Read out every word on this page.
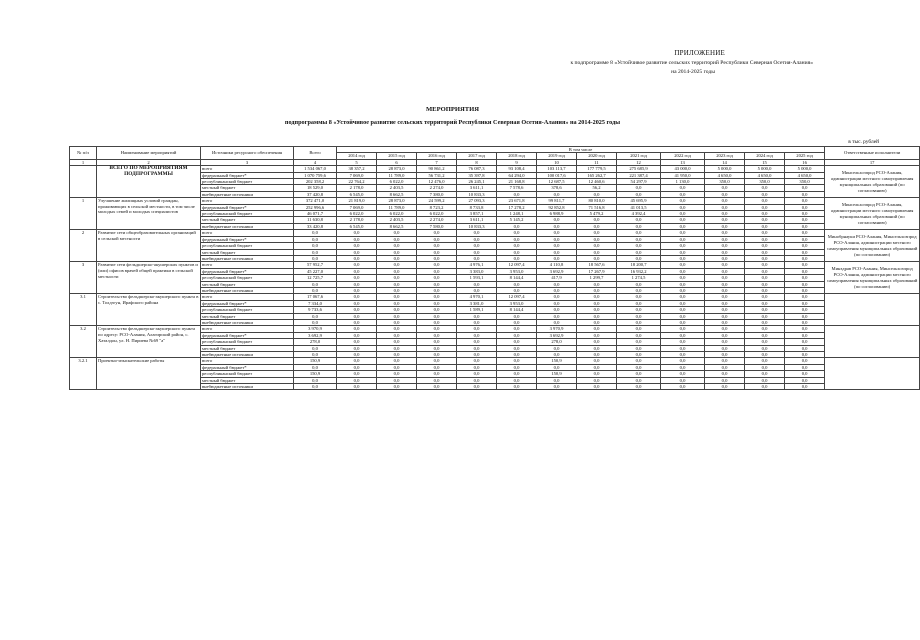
ПРИЛОЖЕНИЕ
к подпрограмме 8 «Устойчивое развитие сельских территорий Республики Северная Осетия-Алания»
на 2014-2025 годы
МЕРОПРИЯТИЯ
подпрограммы 8 «Устойчивое развитие сельских территорий Республики Северная Осетия-Алания» на 2014-2025 годы
в тыс. рублей
№ п/п	Наименование мероприятий	Источники ресурсного обеспечения	Всего	В том числе												Ответственные исполнители
				2014 год	2015 год	2016 год	2017 год	2018 год	2019 год	2020 год	2021 год	2022 год	2023 год	2024 год	2025 год	
1	2	3	4	5	6	7	8	9	10	11	12	13	14	15	16	17
	ВСЕГО ПО МЕРОПРИЯТИЯМ ПОДПРОГРАММЫ	всего	1 534 067,0	38 357,2	28 873,0	90 861,2	76 087,3	93 108,4	103 113,7	177 779,5	275 685,9	43 000,0	5 000,0	5 000,0	5 000,0	Минсельхозпрод РСО-Алания, администрации местного самоуправления муниципальных образований (по согласованию)
		федеральный бюджет*	1 070 759,6	7 069,0	11 789,0	56 731,2	35 397,8	64 294,0	100 017,6	165 262,7	221 387,4	41 950,0	4 650,0	4 650,0	4 650,0	
		республиканский бюджет	202 358,2	22 764,2	6 022,0	12 476,0	26 245,1	21 168,8	12 687,5	12 460,6	54 297,9	1 130,0	350,0	350,0	350,0	
		местный бюджет	18 529,0	2 178,0	2 403,5	2 274,0	3 611,1	7 578,6	378,6	56,2	0,0	0,0	0,0	0,0	0,0	
		внебюджетные источники	37 420,8	6 545,0	8 662,5	7 380,0	10 833,3	0,0	0,0	0,0	0,0	0,0	0,0	0,0	0,0	
1	Улучшение жилищных условий граждан, проживающих в сельской местности, в том числе молодых семей и молодых специалистов	всего	372 471,0	21 819,0	28 873,0	24 599,2	27 093,3	23 671,8	99 811,7	80 810,0	45 695,9	0,0	0,0	0,0	0,0	Минсельхозпрод РСО-Алания, администрации местного самоуправления муниципальных образований (по согласованию)
		федеральный бюджет*	252 996,6	7 069,0	11 789,0	8 723,2	8 733,8	17 278,2	92 852,8	71 516,8	41 013,5	0,0	0,0	0,0	0,0	
		республиканский бюджет	46 071,7	6 022,0	6 022,0	6 022,0	3 857,1	1 248,1	6 988,9	5 479,2	4 392,4	0,0	0,0	0,0	0,0	
		местный бюджет	11 630,8	2 178,0	2 403,5	2 274,0	3 611,1	5 145,2	0,0	0,0	0,0	0,0	0,0	0,0	0,0	
		внебюджетные источники	33 420,8	6 545,0	8 662,5	7 580,0	10 833,3	0,0	0,0	0,0	0,0	0,0	0,0	0,0	0,0	
2	Развитие сети общеобразовательных организаций в сельской местности	всего	0,0	0,0	0,0	0,0	0,0	0,0	0,0	0,0	0,0	0,0	0,0	0,0	0,0	Минобрнауки РСО-Алания, Минсельхозпрод РСО-Алания, администрации местного самоуправления муниципальных образований (по согласованию)
		федеральный бюджет*	0,0	0,0	0,0	0,0	0,0	0,0	0,0	0,0	0,0	0,0	0,0	0,0	0,0	
		республиканский бюджет	0,0	0,0	0,0	0,0	0,0	0,0	0,0	0,0	0,0	0,0	0,0	0,0	0,0	
		местный бюджет	0,0	0,0	0,0	0,0	0,0	0,0	0,0	0,0	0,0	0,0	0,0	0,0	0,0	
		внебюджетные источники	0,0	0,0	0,0	0,0	0,0	0,0	0,0	0,0	0,0	0,0	0,0	0,0	0,0	
3	Развитие сети фельдшерско-акушерских пунктов и (или) офисов врачей общей практики в сельской местности	всего	57 952,7	0,0	0,0	0,0	4 976,1	12 097,4	4 110,8	18 567,6	18 200,7	0,0	0,0	0,0	0,0	Минздрав РСО-Алания, Минсельхозпрод РСО-Алания, администрации местного самоуправления муниципальных образований (по согласованию)
		федеральный бюджет*	45 227,0	0,0	0,0	0,0	3 383,0	3 953,0	3 692,9	17 267,9	16 932,2	0,0	0,0	0,0	0,0	
		республиканский бюджет	12 725,7	0,0	0,0	0,0	1 593,1	8 144,4	417,9	1 299,7	1 274,5	0,0	0,0	0,0	0,0	
		местный бюджет	0,0	0,0	0,0	0,0	0,0	0,0	0,0	0,0	0,0	0,0	0,0	0,0	0,0	
		внебюджетные источники	0,0	0,0	0,0	0,0	0,0	0,0	0,0	0,0	0,0	0,0	0,0	0,0	0,0	
3.1	Строительство фельдшерско-акушерского пункта в с. Толдзгун, Ирафского района	всего	17 067,6	0,0	0,0	0,0	4 970,1	12 097,4	0,0	0,0	0,0	0,0	0,0	0,0	0,0	
		федеральный бюджет*	7 334,0	0,0	0,0	0,0	3 381,0	3 953,0	0,0	0,0	0,0	0,0	0,0	0,0	0,0	
		республиканский бюджет	9 733,6	0,0	0,0	0,0	1 589,1	8 144,4	0,0	0,0	0,0	0,0	0,0	0,0	0,0	
		местный бюджет	0,0	0,0	0,0	0,0	0,0	0,0	0,0	0,0	0,0	0,0	0,0	0,0	0,0	
		внебюджетные источники	0,0	0,0	0,0	0,0	0,0	0,0	0,0	0,0	0,0	0,0	0,0	0,0	0,0	
3.2	Строительство фельдшерско-акушерского пункта по адресу: РСО-Алания, Алагирский район, с. Хаталдон, ул. Н. Пириева №69 "а"	всего	3 970,9	0,0	0,0	0,0	0,0	0,0	3 970,9	0,0	0,0	0,0	0,0	0,0	0,0	
		федеральный бюджет*	3 692,9	0,0	0,0	0,0	0,0	0,0	3 692,9	0,0	0,0	0,0	0,0	0,0	0,0	
		республиканский бюджет	278,0	0,0	0,0	0,0	0,0	0,0	278,0	0,0	0,0	0,0	0,0	0,0	0,0	
		местный бюджет	0,0	0,0	0,0	0,0	0,0	0,0	0,0	0,0	0,0	0,0	0,0	0,0	0,0	
		внебюджетные источники	0,0	0,0	0,0	0,0	0,0	0,0	0,0	0,0	0,0	0,0	0,0	0,0	0,0	
3.2.1	Проектно-изыскательские работы	всего	150,9	0,0	0,0	0,0	0,0	0,0	150,9	0,0	0,0	0,0	0,0	0,0	0,0	
		федеральный бюджет*	0,0	0,0	0,0	0,0	0,0	0,0	0,0	0,0	0,0	0,0	0,0	0,0	0,0	
		республиканский бюджет	150,9	0,0	0,0	0,0	0,0	0,0	150,9	0,0	0,0	0,0	0,0	0,0	0,0	
		местный бюджет	0,0	0,0	0,0	0,0	0,0	0,0	0,0	0,0	0,0	0,0	0,0	0,0	0,0	
		внебюджетные источники	0,0	0,0	0,0	0,0	0,0	0,0	0,0	0,0	0,0	0,0	0,0	0,0	0,0	
